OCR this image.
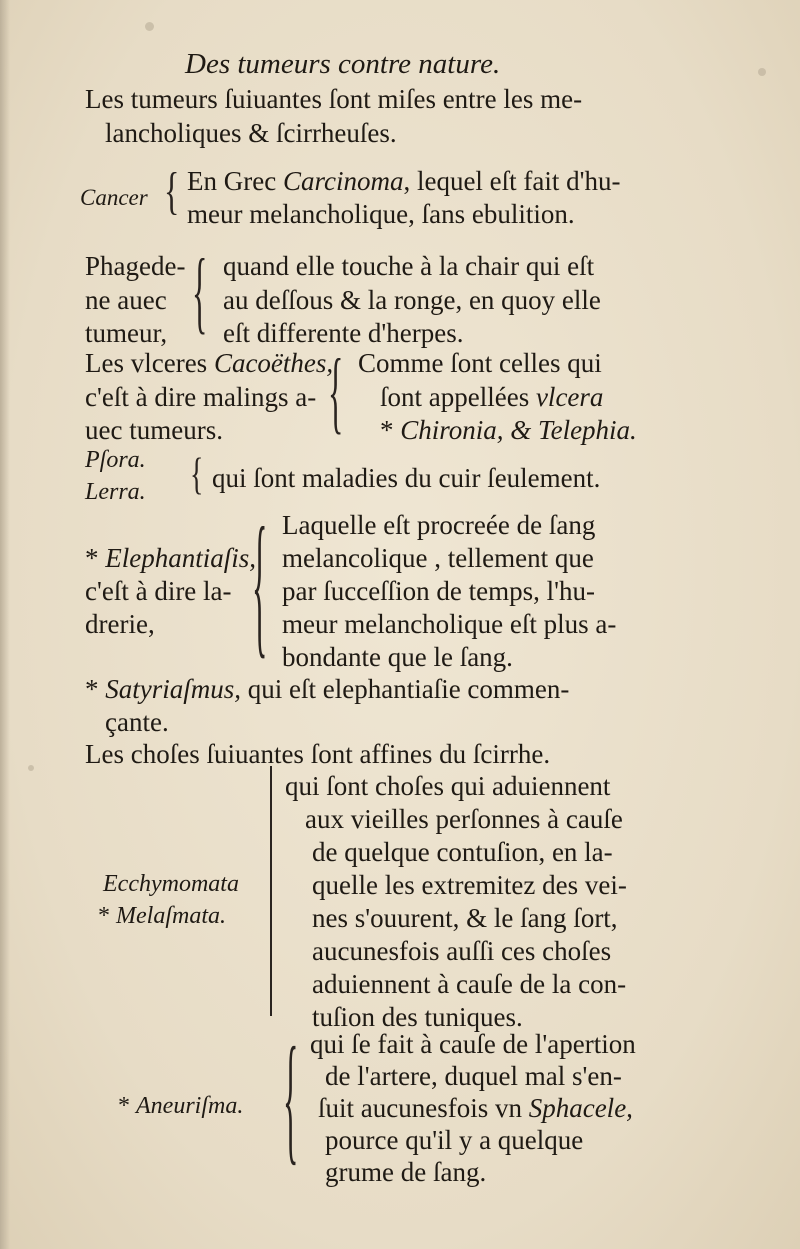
Des tumeurs contre nature.
Les tumeurs ſuiuantes ſont miſes entre les me-
lancholiques & ſcirrheuſes.
Cancer { En Grec Carcinoma, lequel eſt fait d'hu-
meur melancholique, ſans ebulition.
Phagede-
ne auec
tumeur, { quand elle touche à la chair qui eſt
au deſſous & la ronge, en quoy elle
eſt differente d'herpes.
Les vlceres Cacoëthes,
c'eſt à dire malings a-
uec tumeurs.	{ Comme ſont celles qui
ſont appellées vlcera
* Chironia, & Telephia.
Pſora.
Lerra. { qui ſont maladies du cuir ſeulement.
* Elephantiaſis,
c'eſt à dire la-
drerie, { Laquelle eſt procreée de ſang
melancolique , tellement que
par ſucceſſion de temps, l'hu-
meur melancholique eſt plus a-
bondante que le ſang.
* Satyriaſmus, qui eſt elephantiaſie commen-
çante.
Les choſes ſuiuantes ſont affines du ſcirrhe.
Ecchymomata
* Melaſmata.
qui ſont choſes qui aduiennent
aux vieilles perſonnes à cauſe
de quelque contuſion, en la-
quelle les extremitez des vei-
nes s'ouurent, & le ſang ſort,
aucunesfois auſſi ces choſes
aduiennent à cauſe de la con-
tuſion des tuniques.
{
* Aneuriſma.
qui ſe fait à cauſe de l'apertion
de l'artere, duquel mal s'en-
ſuit aucunesfois vn Sphacele,
pource qu'il y a quelque
grume de ſang.
